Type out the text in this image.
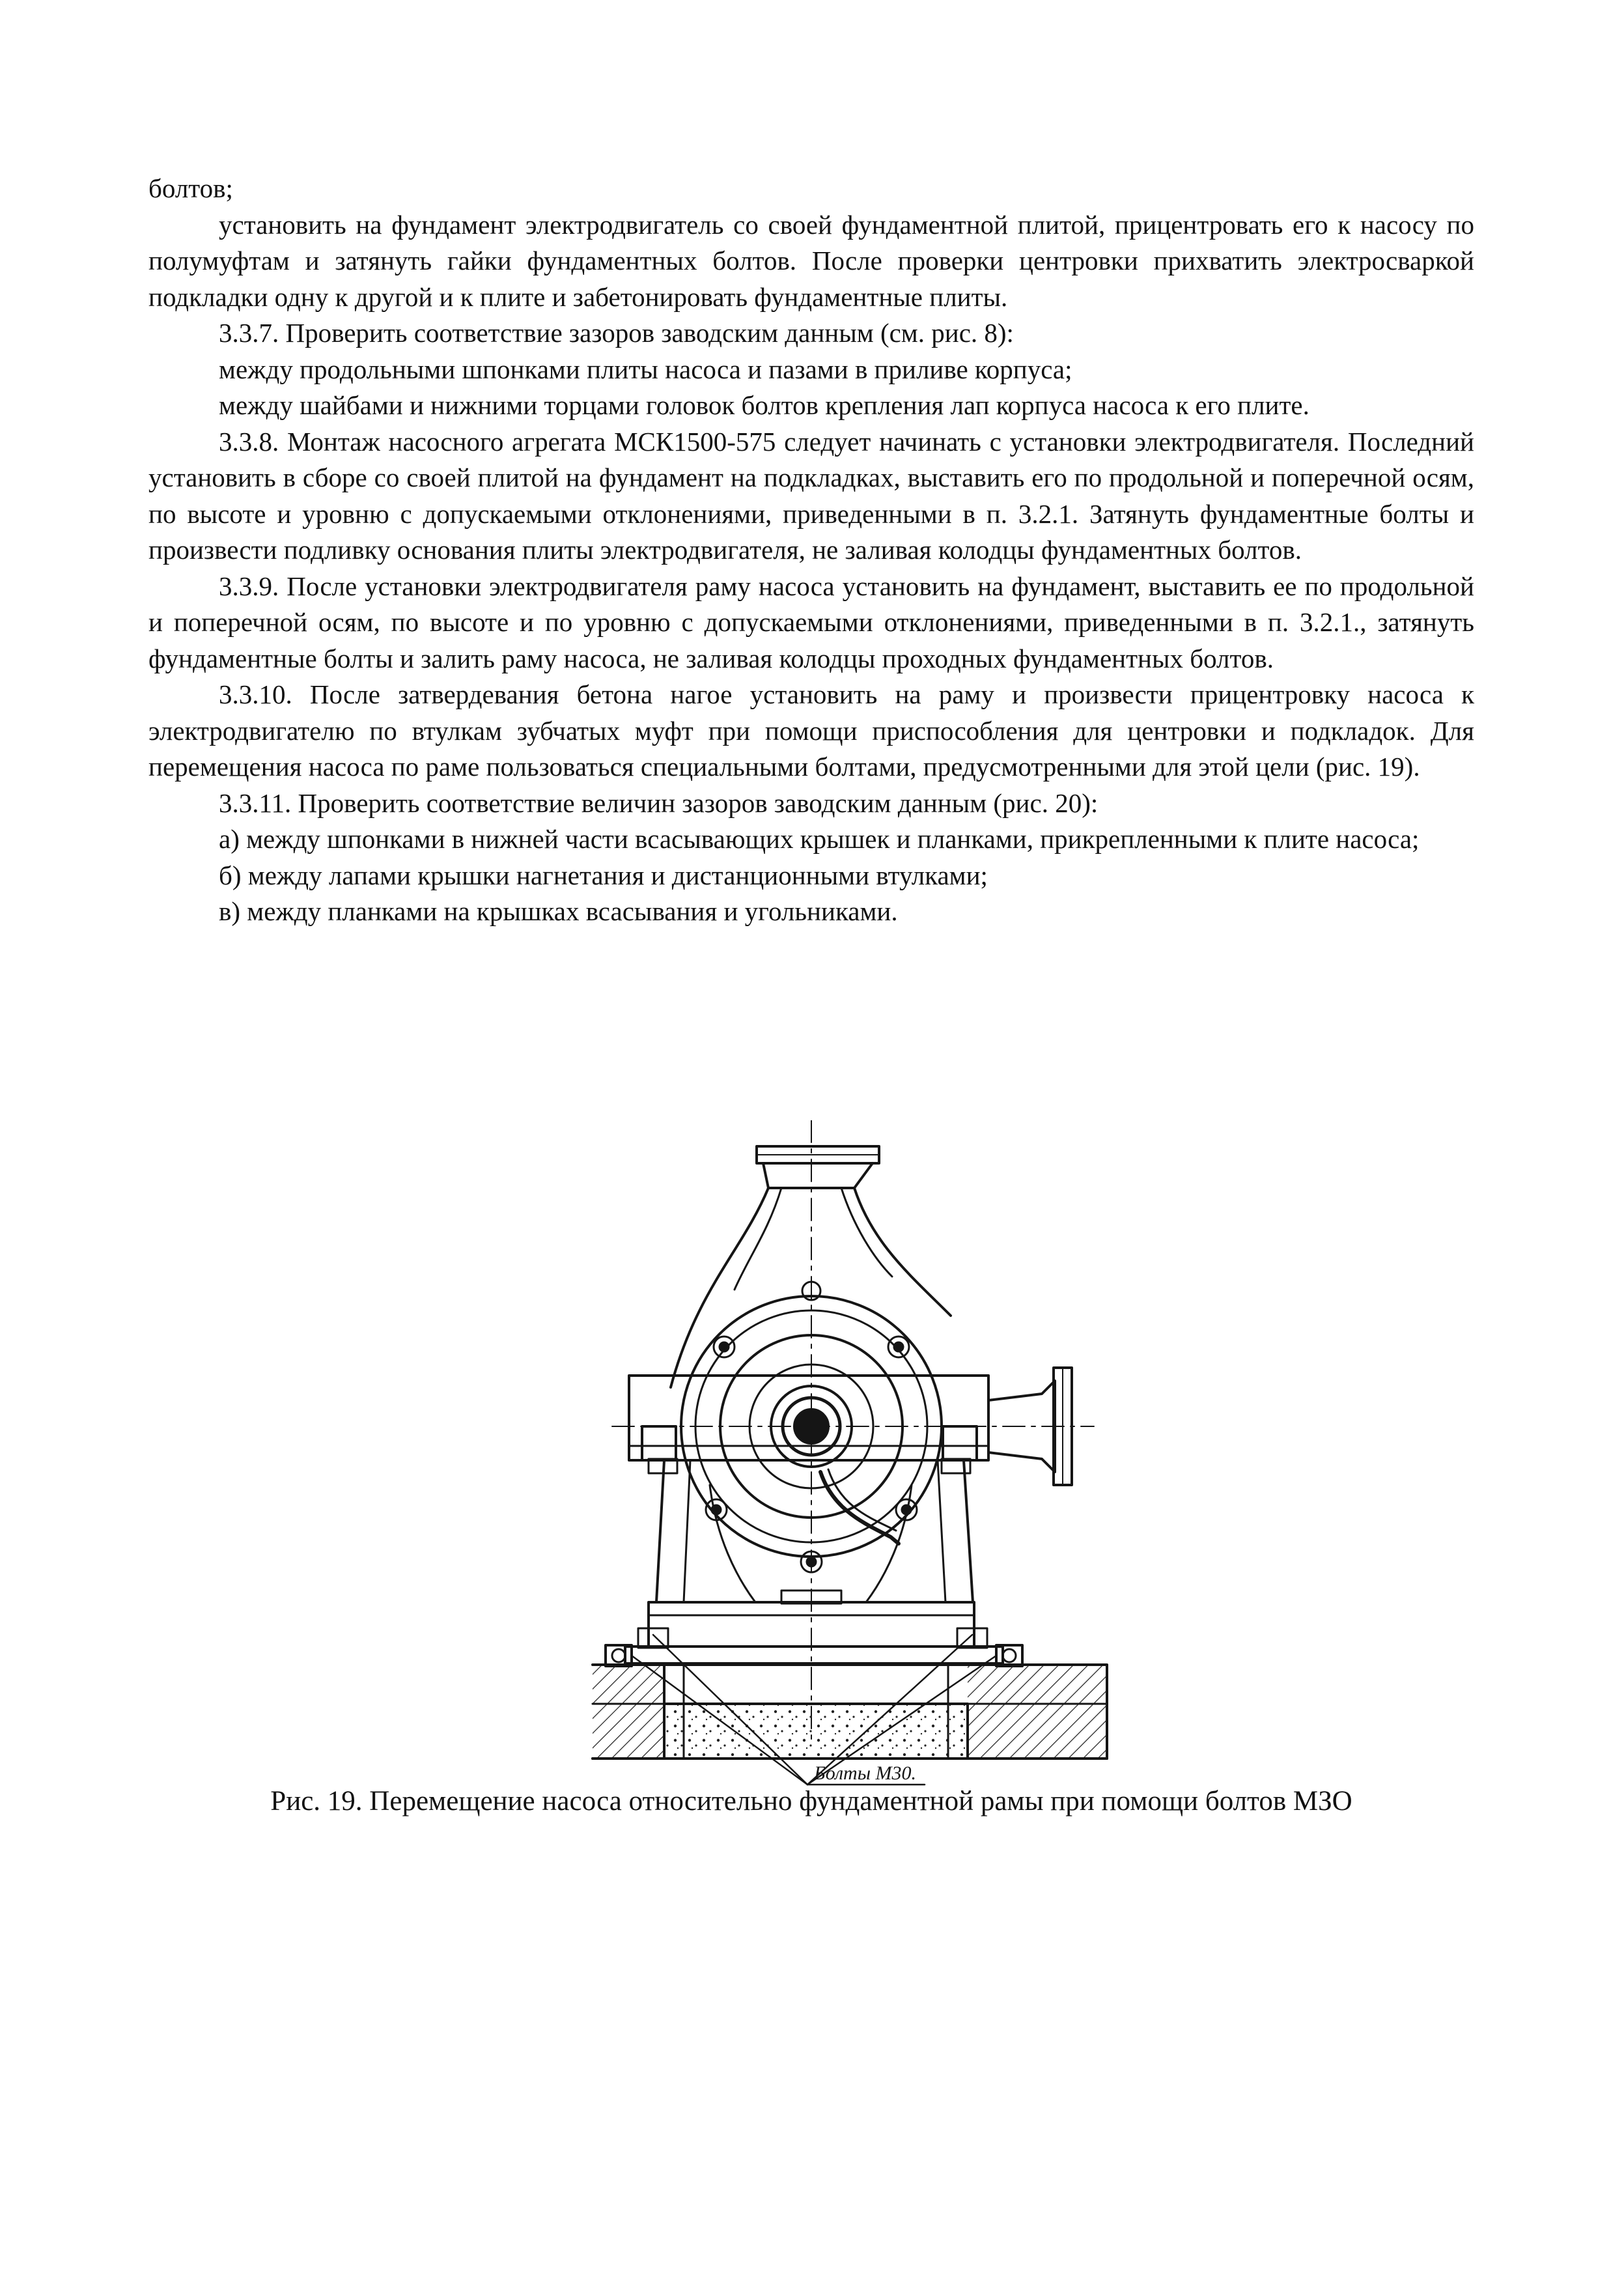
болтов;

установить на фундамент электродвигатель со своей фундаментной плитой, прицентровать его к насосу по полумуфтам и затянуть гайки фундаментных болтов. После проверки центровки прихватить электросваркой подкладки одну к другой и к плите и забетонировать фундаментные плиты.

3.3.7. Проверить соответствие зазоров заводским данным (см. рис. 8):

между продольными шпонками плиты насоса и пазами в приливе корпуса;

между шайбами и нижними торцами головок болтов крепления лап корпуса насоса к его плите.

3.3.8. Монтаж насосного агрегата МСК1500-575 следует начинать с установки электродвигателя. Последний установить в сборе со своей плитой на фундамент на подкладках, выставить его по продольной и поперечной осям, по высоте и уровню с допускаемыми отклонениями, приведенными в п. 3.2.1. Затянуть фундаментные болты и произвести подливку основания плиты электродвигателя, не заливая колодцы фундаментных болтов.

3.3.9. После установки электродвигателя раму насоса установить на фундамент, выставить ее по продольной и поперечной осям, по высоте и по уровню с допускаемыми отклонениями, приведенными в п. 3.2.1., затянуть фундаментные болты и залить раму насоса, не заливая колодцы проходных фундаментных болтов.

3.3.10. После затвердевания бетона нагое установить на раму и произвести прицентровку насоса к электродвигателю по втулкам зубчатых муфт при помощи приспособления для центровки и подкладок. Для перемещения насоса по раме пользоваться специальными болтами, предусмотренными для этой цели (рис. 19).

3.3.11. Проверить соответствие величин зазоров заводским данным (рис. 20):

а) между шпонками в нижней части всасывающих крышек и планками, прикрепленными к плите насоса;

б) между лапами крышки нагнетания и дистанционными втулками;

в) между планками на крышках всасывания и угольниками.

Болты М30.
Рис. 19. Перемещение насоса относительно фундаментной рамы при помощи болтов МЗО
